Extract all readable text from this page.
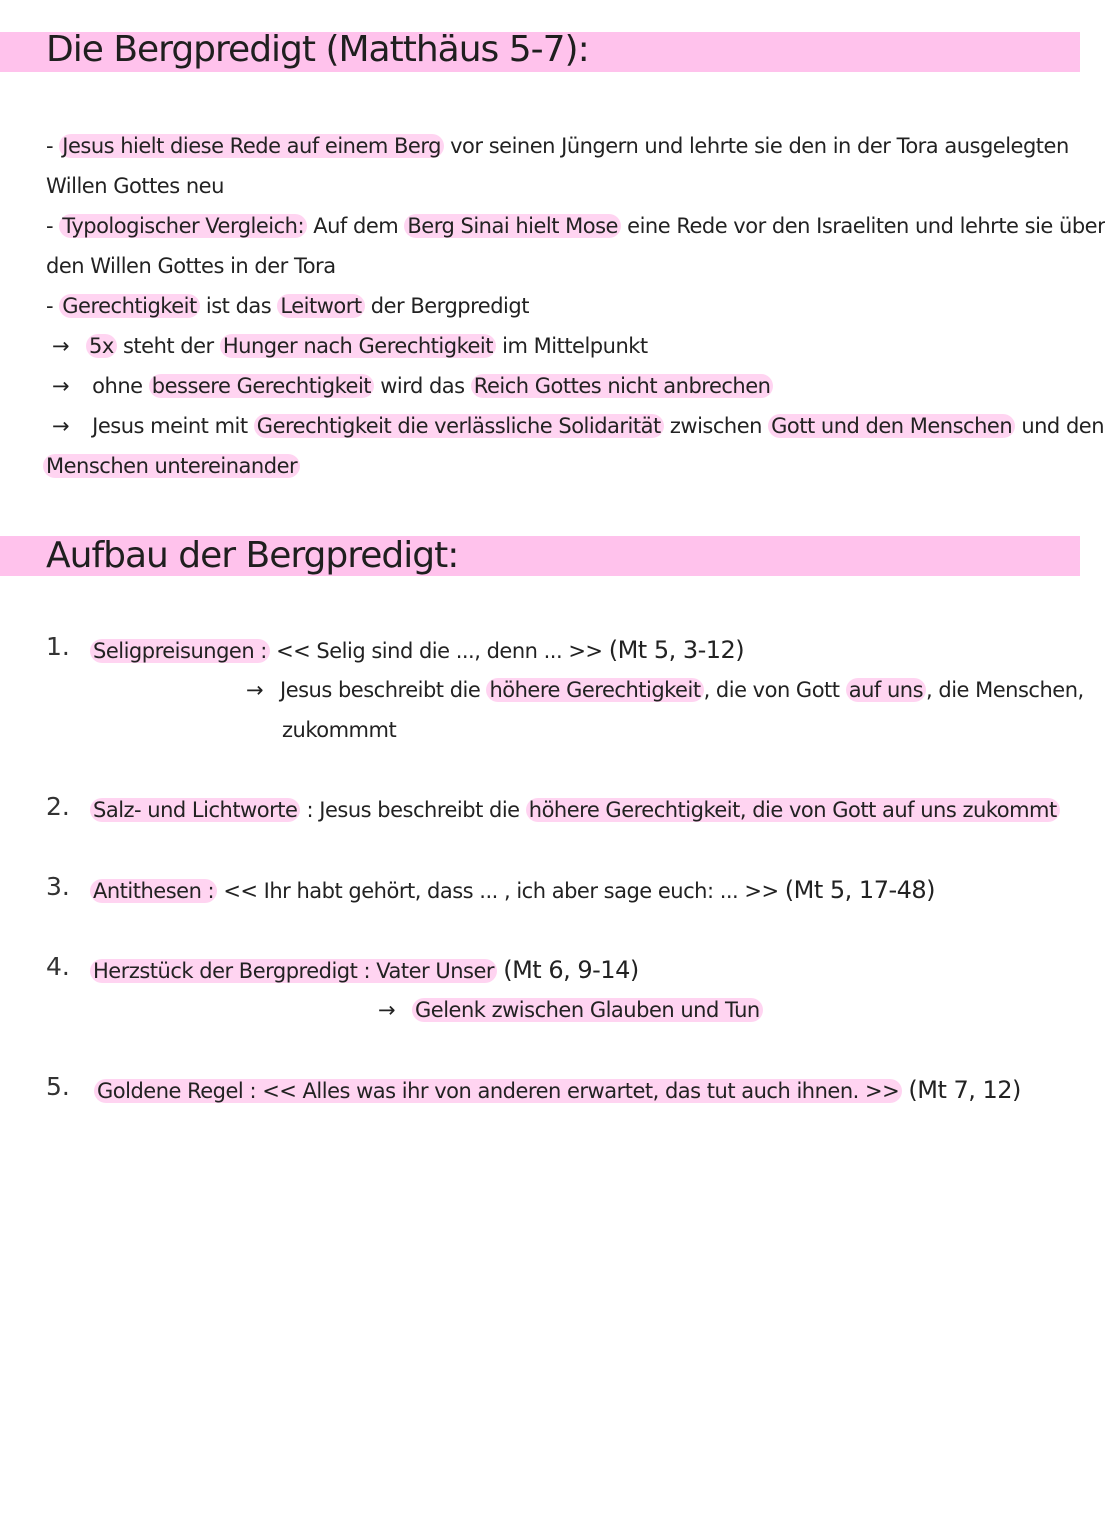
Die Bergpredigt (Matthäus 5-7):
- Jesus hielt diese Rede auf einem Berg vor seinen Jüngern und lehrte sie den in der Tora ausgelegten
Willen Gottes neu
- Typologischer Vergleich: Auf dem Berg Sinai hielt Mose eine Rede vor den Israeliten und lehrte sie über
den Willen Gottes in der Tora
- Gerechtigkeit ist das Leitwort der Bergpredigt
→ 5x steht der Hunger nach Gerechtigkeit im Mittelpunkt
→ ohne bessere Gerechtigkeit wird das Reich Gottes nicht anbrechen
→ Jesus meint mit Gerechtigkeit die verlässliche Solidarität zwischen Gott und den Menschen und den
Menschen untereinander
Aufbau der Bergpredigt:
1. Seligpreisungen : << Selig sind die ..., denn ... >> (Mt 5, 3-12)
→ Jesus beschreibt die höhere Gerechtigkeit , die von Gott auf uns , die Menschen,
zukommmt
2. Salz- und Lichtworte : Jesus beschreibt die höhere Gerechtigkeit, die von Gott auf uns zukommt
3. Antithesen : << Ihr habt gehört, dass ... , ich aber sage euch: ... >> (Mt 5, 17-48)
4. Herzstück der Bergpredigt : Vater Unser (Mt 6, 9-14)
→ Gelenk zwischen Glauben und Tun
5. Goldene Regel : << Alles was ihr von anderen erwartet, das tut auch ihnen. >> (Mt 7, 12)
